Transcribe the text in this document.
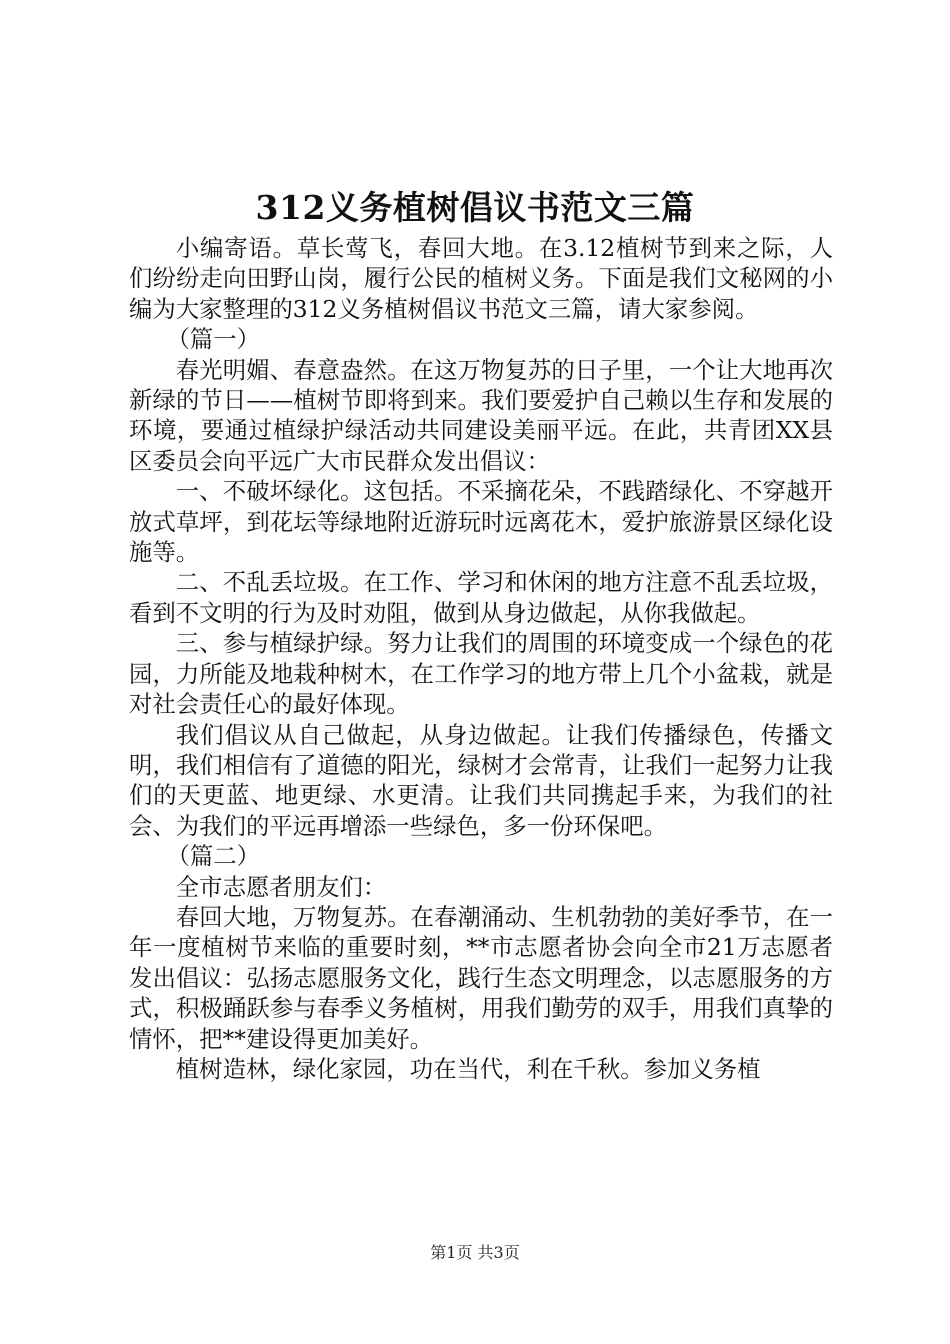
312义务植树倡议书范文三篇

小编寄语。草长莺飞，春回大地。在3.12植树节到来之际，人们纷纷走向田野山岗，履行公民的植树义务。下面是我们文秘网的小编为大家整理的312义务植树倡议书范文三篇，请大家参阅。

（篇一）

春光明媚、春意盎然。在这万物复苏的日子里，一个让大地再次新绿的节日——植树节即将到来。我们要爱护自己赖以生存和发展的环境，要通过植绿护绿活动共同建设美丽平远。在此，共青团XX县区委员会向平远广大市民群众发出倡议：

一、不破坏绿化。这包括。不采摘花朵，不践踏绿化、不穿越开放式草坪，到花坛等绿地附近游玩时远离花木，爱护旅游景区绿化设施等。

二、不乱丢垃圾。在工作、学习和休闲的地方注意不乱丢垃圾，看到不文明的行为及时劝阻，做到从身边做起，从你我做起。

三、参与植绿护绿。努力让我们的周围的环境变成一个绿色的花园，力所能及地栽种树木，在工作学习的地方带上几个小盆栽，就是对社会责任心的最好体现。

我们倡议从自己做起，从身边做起。让我们传播绿色，传播文明，我们相信有了道德的阳光，绿树才会常青，让我们一起努力让我们的天更蓝、地更绿、水更清。让我们共同携起手来，为我们的社会、为我们的平远再增添一些绿色，多一份环保吧。

（篇二）

全市志愿者朋友们：

春回大地，万物复苏。在春潮涌动、生机勃勃的美好季节，在一年一度植树节来临的重要时刻，**市志愿者协会向全市21万志愿者发出倡议：弘扬志愿服务文化，践行生态文明理念，以志愿服务的方式，积极踊跃参与春季义务植树，用我们勤劳的双手，用我们真挚的情怀，把**建设得更加美好。

植树造林，绿化家园，功在当代，利在千秋。参加义务植

第1页 共3页
